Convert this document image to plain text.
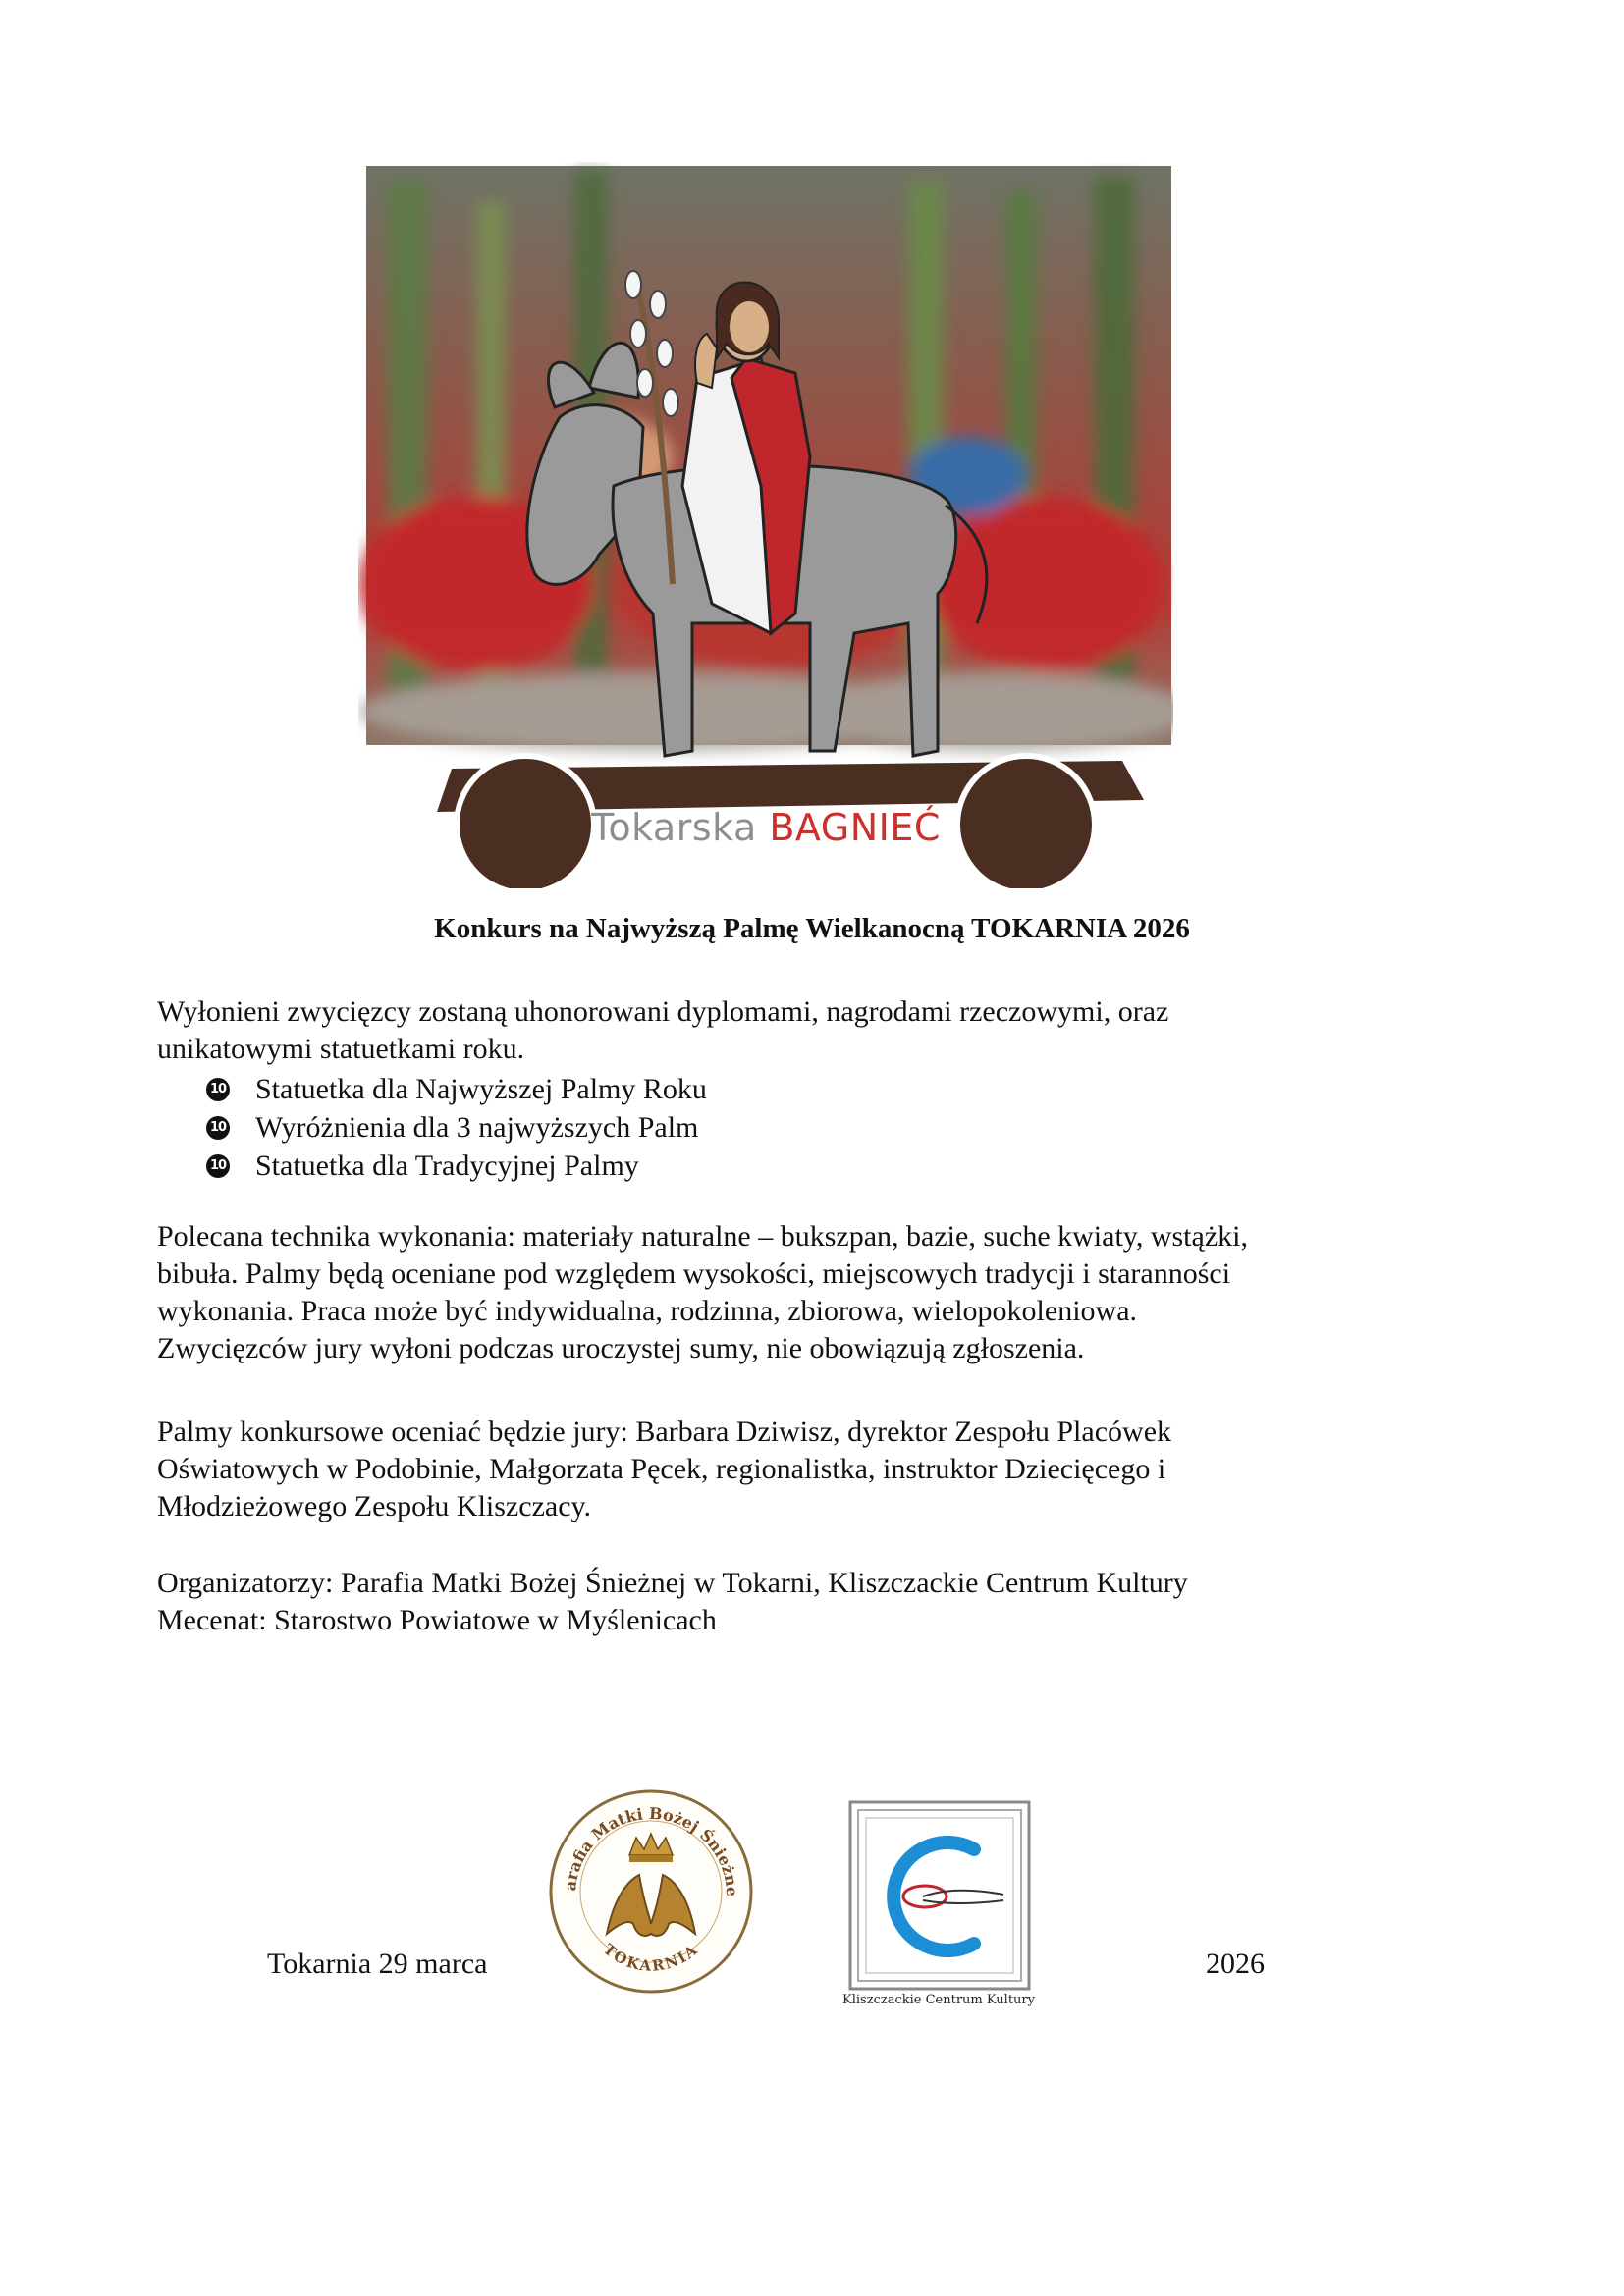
Tokarska BAGNIEĆ
Konkurs na Najwyższą Palmę Wielkanocną TOKARNIA 2026

Wyłonieni zwycięzcy zostaną uhonorowani dyplomami, nagrodami rzeczowymi, oraz
unikatowymi statuetkami roku.

10 Statuetka dla Najwyższej Palmy Roku
10 Wyróżnienia dla 3 najwyższych Palm
10 Statuetka dla Tradycyjnej Palmy

Polecana technika wykonania: materiały naturalne – bukszpan, bazie, suche kwiaty, wstążki,
bibuła. Palmy będą oceniane pod względem wysokości, miejscowych tradycji i staranności
wykonania. Praca może być indywidualna, rodzinna, zbiorowa, wielopokoleniowa.
Zwycięzców jury wyłoni podczas uroczystej sumy, nie obowiązują zgłoszenia.

Palmy konkursowe oceniać będzie jury: Barbara Dziwisz, dyrektor Zespołu Placówek
Oświatowych w Podobinie, Małgorzata Pęcek, regionalistka, instruktor Dziecięcego i
Młodzieżowego Zespołu Kliszczacy.

Organizatorzy: Parafia Matki Bożej Śnieżnej w Tokarni, Kliszczackie Centrum Kultury
Mecenat: Starostwo Powiatowe w Myślenicach

Tokarnia 29 marca	2026
Parafia Matki Bożej Śnieżne
TOKARNIA
Kliszczackie Centrum Kultury
